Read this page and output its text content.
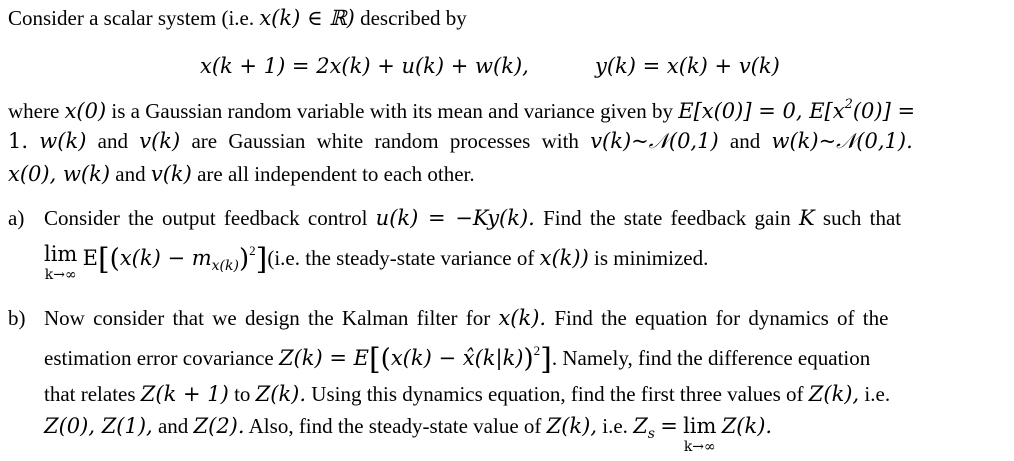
Consider a scalar system (i.e. x(k) ∈ ℝ) described by
x(k + 1) = 2x(k) + u(k) + w(k),	y(k) = x(k) + v(k)
where x(0) is a Gaussian random variable with its mean and variance given by E[x(0)] = 0, $E[x^2(0)]$ =
1. w(k) and v(k) are Gaussian white random processes with v(k)~𝒩(0,1) and w(k)~𝒩(0,1).
x(0), w(k) and v(k) are all independent to each other.
a) Consider the output feedback control u(k) = −Ky(k). Find the state feedback gain K such that
lim
k→∞
$E[(x(k) - m_{x(k)})^2](i.e$. the steady-state variance of x(k)) is minimized.
b) Now consider that we design the Kalman filter for x(k). Find the equation for dynamics of the
estimation error covariance Z(k) = E[(x(k) − x̂(k|k))$^2$]. Namely, find the difference equation
that relates Z(k + 1) to Z(k). Using this dynamics equation, find the first three values of Z(k), i.e.
Z(0), Z(1), and Z(2). Also, find the steady-state value of Z(k), i.e. $Z_s = \lim$
k→∞
Z(k).
